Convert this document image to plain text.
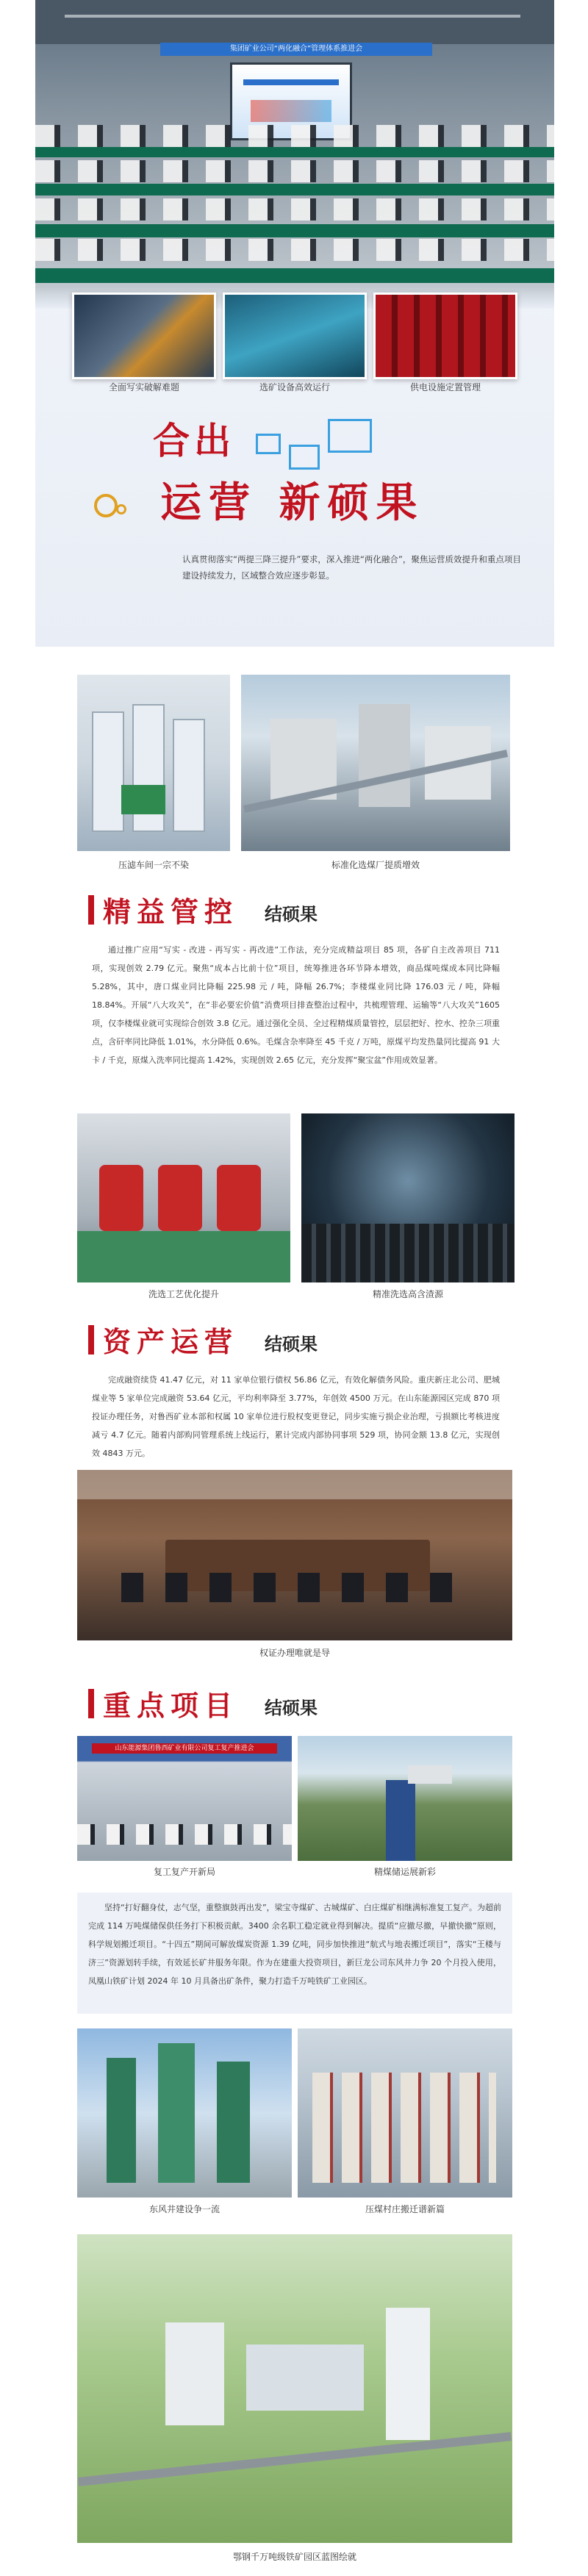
集团矿业公司“两化融合”管理体系推进会
全面写实破解难题	选矿设备高效运行	供电设施定置管理
合出
运营 新硕果
认真贯彻落实“两提三降三提升”要求，深入推进“两化融合”，聚焦运营质效提升和重点项目建设持续发力，区域整合效应逐步彰显。
压滤车间一宗不染	标准化选煤厂提质增效
精益管控 结硕果
通过推广应用“写实 - 改进 - 再写实 - 再改进”工作法，充分完成精益项目 85 项，各矿自主改善项目 711 项，实现创效 2.79 亿元。聚焦“成本占比前十位”项目，统筹推进各环节降本增效，商品煤吨煤成本同比降幅 5.28%，其中，唐口煤业同比降幅 225.98 元 / 吨，降幅 26.7%；李楼煤业同比降 176.03 元 / 吨，降幅 18.84%。开展“八大攻关”，在“非必要宏价值”消费项目排查整治过程中，共梳理管理、运输等“八大攻关”1605 项，仅李楼煤业就可实现综合创效 3.8 亿元。通过强化全员、全过程精煤质量管控，层层把好、控水、控杂三项重点，含矸率同比降低 1.01%，水分降低 0.6%。毛煤含杂率降至 45 千克 / 万吨，原煤平均发热量同比提高 91 大卡 / 千克，原煤入洗率同比提高 1.42%，实现创效 2.65 亿元，充分发挥“聚宝盆”作用成效显著。
洗选工艺优化提升	精准洗选高含渣源
资产运营 结硕果
完成融资续贷 41.47 亿元，对 11 家单位银行债权 56.86 亿元，有效化解债务风险。重庆新庄北公司、肥城煤业等 5 家单位完成融资 53.64 亿元，平均利率降至 3.77%，年创效 4500 万元。在山东能源园区完成 870 项投证办理任务，对鲁西矿业本部和权属 10 家单位进行股权变更登记，同步实施亏损企业治理，亏损额比考核进度减亏 4.7 亿元。随着内部购同管理系统上线运行，累计完成内部协同事项 529 项，协同金额 13.8 亿元，实现创效 4843 万元。
权证办理唯就是导
重点项目 结硕果
山东能源集团鲁西矿业有限公司复工复产推进会
复工复产开新局	精煤储运展新彩
坚持“打好翻身仗，志气坚，重整旗鼓再出发”，梁宝寺煤矿、古城煤矿、白庄煤矿相继满标准复工复产。为超前完成 114 万吨煤储保供任务打下积极贡献。3400 余名职工稳定就业得到解决。提质“应撤尽撤，早撤快撤”原则，科学规划搬迁项目。“十四五”期间可解放煤炭资源 1.39 亿吨，同步加快推进“航式与地表搬迁项目”，落实“王楼与济三”资源划转手续，有效延长矿井服务年限。作为在建重大投资项目，新巨龙公司东风井力争 20 个月投入使用，凤凰山铁矿计划 2024 年 10 月具备出矿条件，聚力打造千万吨铁矿工业园区。
东风井建设争一流	压煤村庄搬迁谱新篇
鄂钢千万吨级铁矿园区蓝图绘就
